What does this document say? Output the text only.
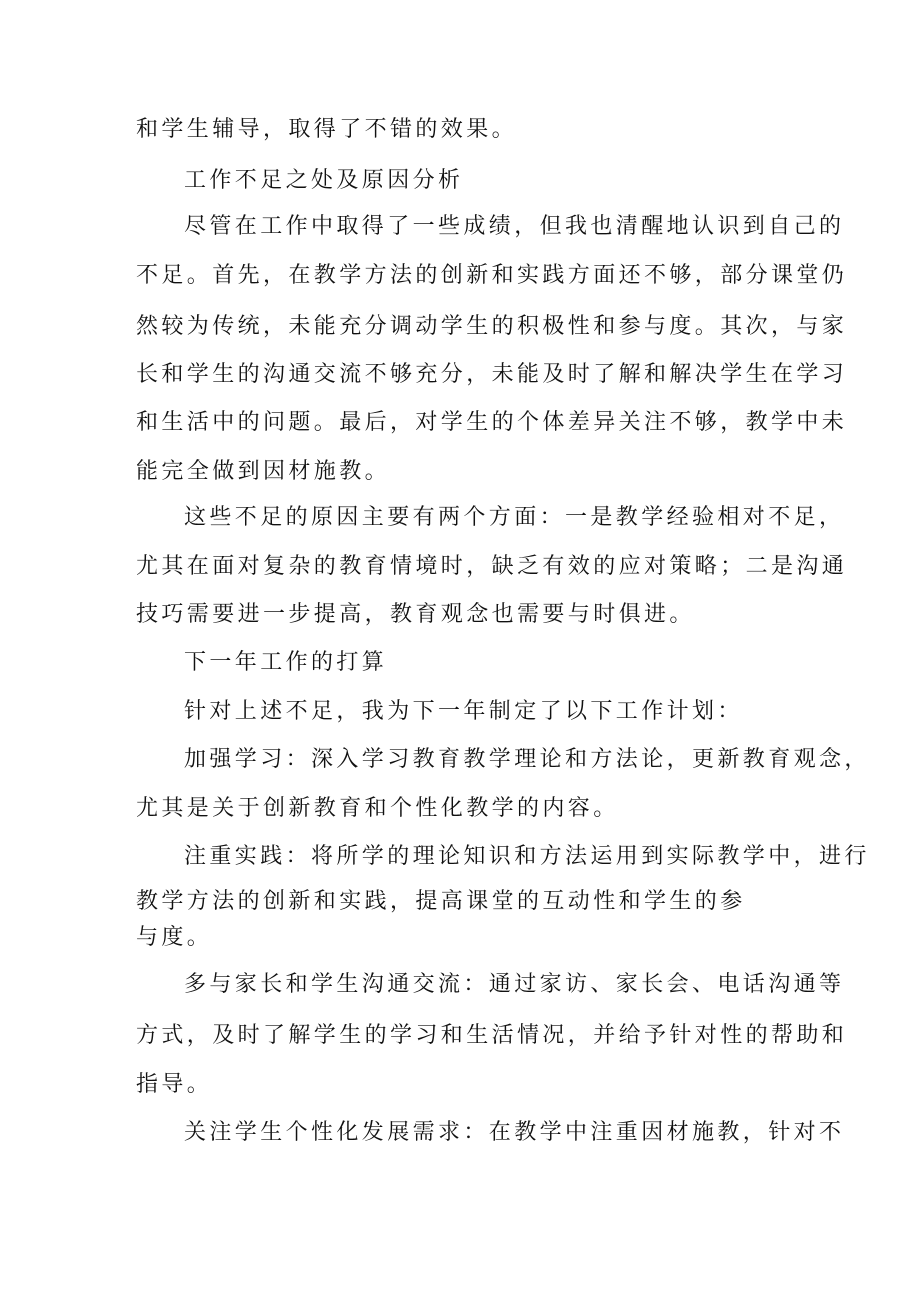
和学生辅导，取得了不错的效果。
工作不足之处及原因分析
尽管在工作中取得了一些成绩，但我也清醒地认识到自己的
不足。首先，在教学方法的创新和实践方面还不够，部分课堂仍
然较为传统，未能充分调动学生的积极性和参与度。其次，与家
长和学生的沟通交流不够充分，未能及时了解和解决学生在学习
和生活中的问题。最后，对学生的个体差异关注不够，教学中未
能完全做到因材施教。
这些不足的原因主要有两个方面：一是教学经验相对不足，
尤其在面对复杂的教育情境时，缺乏有效的应对策略；二是沟通
技巧需要进一步提高，教育观念也需要与时俱进。
下一年工作的打算
针对上述不足，我为下一年制定了以下工作计划：
加强学习：深入学习教育教学理论和方法论，更新教育观念，
尤其是关于创新教育和个性化教学的内容。
注重实践：将所学的理论知识和方法运用到实际教学中，进行
教学方法的创新和实践，提高课堂的互动性和学生的参
与度。
多与家长和学生沟通交流：通过家访、家长会、电话沟通等
方式，及时了解学生的学习和生活情况，并给予针对性的帮助和
指导。
关注学生个性化发展需求：在教学中注重因材施教，针对不
